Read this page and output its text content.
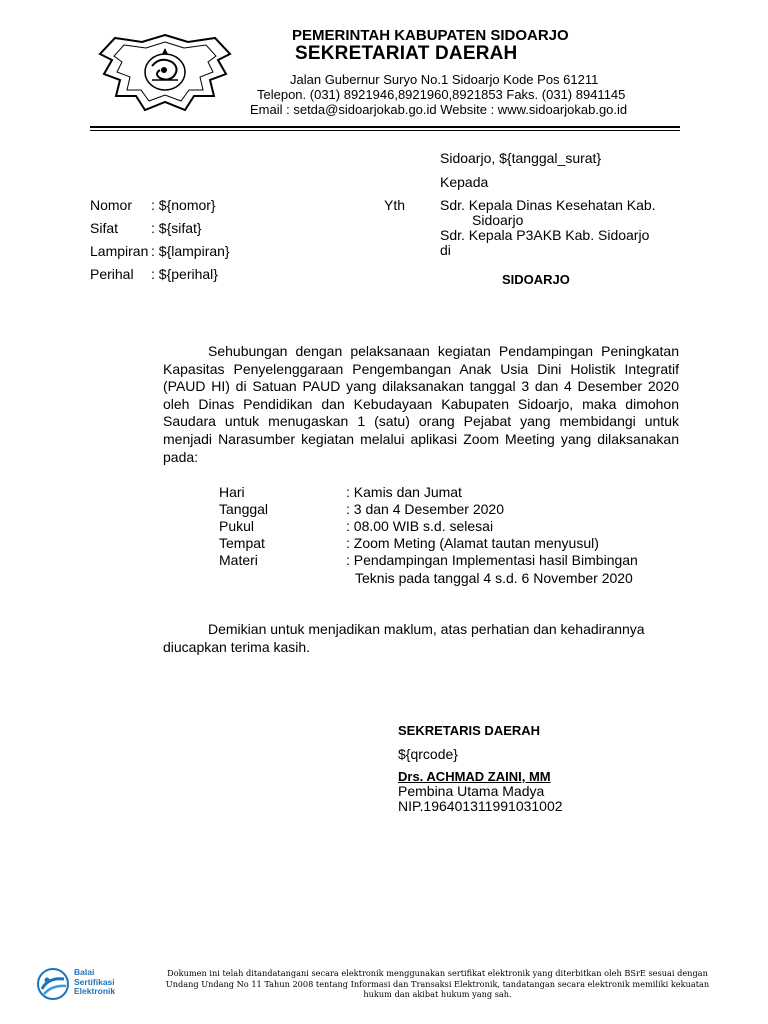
PEMERINTAH KABUPATEN SIDOARJO
SEKRETARIAT DAERAH
Jalan Gubernur Suryo No.1 Sidoarjo Kode Pos 61211
Telepon. (031) 8921946,8921960,8921853 Faks. (031) 8941145
Email : setda@sidoarjokab.go.id Website : www.sidoarjokab.go.id
Sidoarjo, ${tanggal_surat}
Kepada
Yth Sdr. Kepala Dinas Kesehatan Kab.
Sidoarjo
Sdr. Kepala P3AKB Kab. Sidoarjo
di
SIDOARJO
Nomor : ${nomor}
Sifat : ${sifat}
Lampiran : ${lampiran}
Perihal : ${perihal}
Sehubungan dengan pelaksanaan kegiatan Pendampingan Peningkatan Kapasitas Penyelenggaraan Pengembangan Anak Usia Dini Holistik Integratif (PAUD HI) di Satuan PAUD yang dilaksanakan tanggal 3 dan 4 Desember 2020 oleh Dinas Pendidikan dan Kebudayaan Kabupaten Sidoarjo, maka dimohon Saudara untuk menugaskan 1 (satu) orang Pejabat yang membidangi untuk menjadi Narasumber kegiatan melalui aplikasi Zoom Meeting yang dilaksanakan pada:
Hari	: Kamis dan Jumat
Tanggal	: 3 dan 4 Desember 2020
Pukul	: 08.00 WIB s.d. selesai
Tempat	: Zoom Meting (Alamat tautan menyusul)
Materi	: Pendampingan Implementasi hasil Bimbingan
Teknis pada tanggal 4 s.d. 6 November 2020
Demikian untuk menjadikan maklum, atas perhatian dan kehadirannya diucapkan terima kasih.
SEKRETARIS DAERAH
${qrcode}
Drs. ACHMAD ZAINI, MM
Pembina Utama Madya
NIP.196401311991031002
Balai
Sertifikasi
Elektronik
Dokumen ini telah ditandatangani secara elektronik menggunakan sertifikat elektronik yang diterbitkan oleh BSrE sesuai dengan Undang Undang No 11 Tahun 2008 tentang Informasi dan Transaksi Elektronik, tandatangan secara elektronik memiliki kekuatan hukum dan akibat hukum yang sah.
